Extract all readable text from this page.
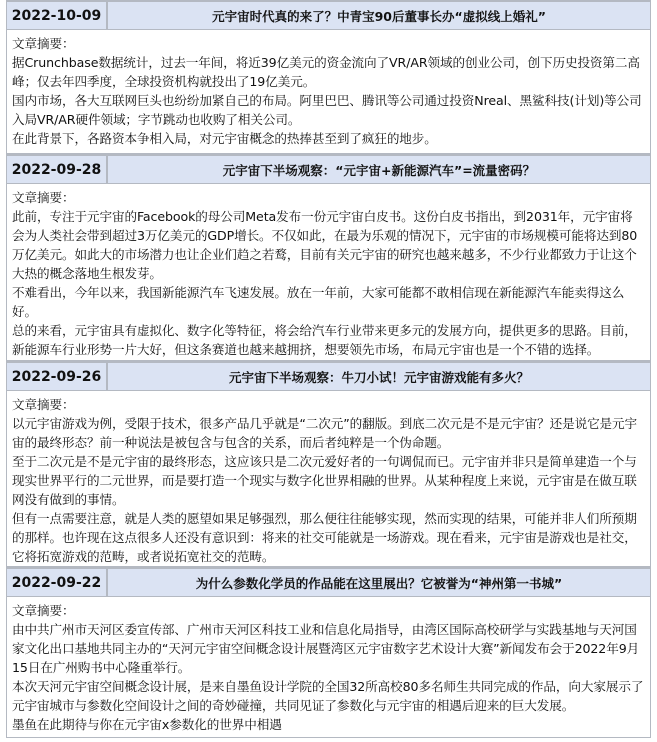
2022-10-09	元宇宙时代真的来了？中青宝90后董事长办“虚拟线上婚礼”

文章摘要：

据Crunchbase数据统计，过去一年间，将近39亿美元的资金流向了VR/AR领域的创业公司，创下历史投资第二高峰；仅去年四季度，全球投资机构就投出了19亿美元。

国内市场，各大互联网巨头也纷纷加紧自己的布局。阿里巴巴、腾讯等公司通过投资Nreal、黑鲨科技(计划)等公司入局VR/AR硬件领域；字节跳动也收购了相关公司。

在此背景下，各路资本争相入局，对元宇宙概念的热捧甚至到了疯狂的地步。

2022-09-28	元宇宙下半场观察：“元宇宙+新能源汽车”=流量密码？

文章摘要：

此前，专注于元宇宙的Facebook的母公司Meta发布一份元宇宙白皮书。这份白皮书指出，到2031年，元宇宙将会为人类社会带到超过3万亿美元的GDP增长。不仅如此，在最为乐观的情况下，元宇宙的市场规模可能将达到80万亿美元。如此大的市场潜力也让企业们趋之若鹜，目前有关元宇宙的研究也越来越多，不少行业都致力于让这个大热的概念落地生根发芽。

不难看出，今年以来，我国新能源汽车飞速发展。放在一年前，大家可能都不敢相信现在新能源汽车能卖得这么好。

总的来看，元宇宙具有虚拟化、数字化等特征，将会给汽车行业带来更多元的发展方向，提供更多的思路。目前，新能源车行业形势一片大好，但这条赛道也越来越拥挤，想要领先市场，布局元宇宙也是一个不错的选择。

2022-09-26	元宇宙下半场观察：牛刀小试！元宇宙游戏能有多火？

文章摘要：

以元宇宙游戏为例，受限于技术，很多产品几乎就是“二次元”的翻版。到底二次元是不是元宇宙？还是说它是元宇宙的最终形态？前一种说法是被包含与包含的关系，而后者纯粹是一个伪命题。

至于二次元是不是元宇宙的最终形态，这应该只是二次元爱好者的一句调侃而已。元宇宙并非只是简单建造一个与现实世界平行的二元世界，而是要打造一个现实与数字化世界相融的世界。从某种程度上来说，元宇宙是在做互联网没有做到的事情。

但有一点需要注意，就是人类的愿望如果足够强烈，那么便往往能够实现，然而实现的结果，可能并非人们所预期的那样。也许现在这点很多人还没有意识到：将来的社交可能就是一场游戏。现在看来，元宇宙是游戏也是社交，它将拓宽游戏的范畴，或者说拓宽社交的范畴。

2022-09-22	为什么参数化学员的作品能在这里展出？它被誉为“神州第一书城”

文章摘要：

由中共广州市天河区委宣传部、广州市天河区科技工业和信息化局指导，由湾区国际高校研学与实践基地与天河国家文化出口基地共同主办的“天河元宇宙空间概念设计展暨湾区元宇宙数字艺术设计大赛”新闻发布会于2022年9月15日在广州购书中心隆重举行。

本次天河元宇宙空间概念设计展，是来自墨鱼设计学院的全国32所高校80多名师生共同完成的作品，向大家展示了元宇宙城市与参数化空间设计之间的奇妙碰撞，共同见证了参数化与元宇宙的相遇后迎来的巨大发展。

墨鱼在此期待与你在元宇宙x参数化的世界中相遇
